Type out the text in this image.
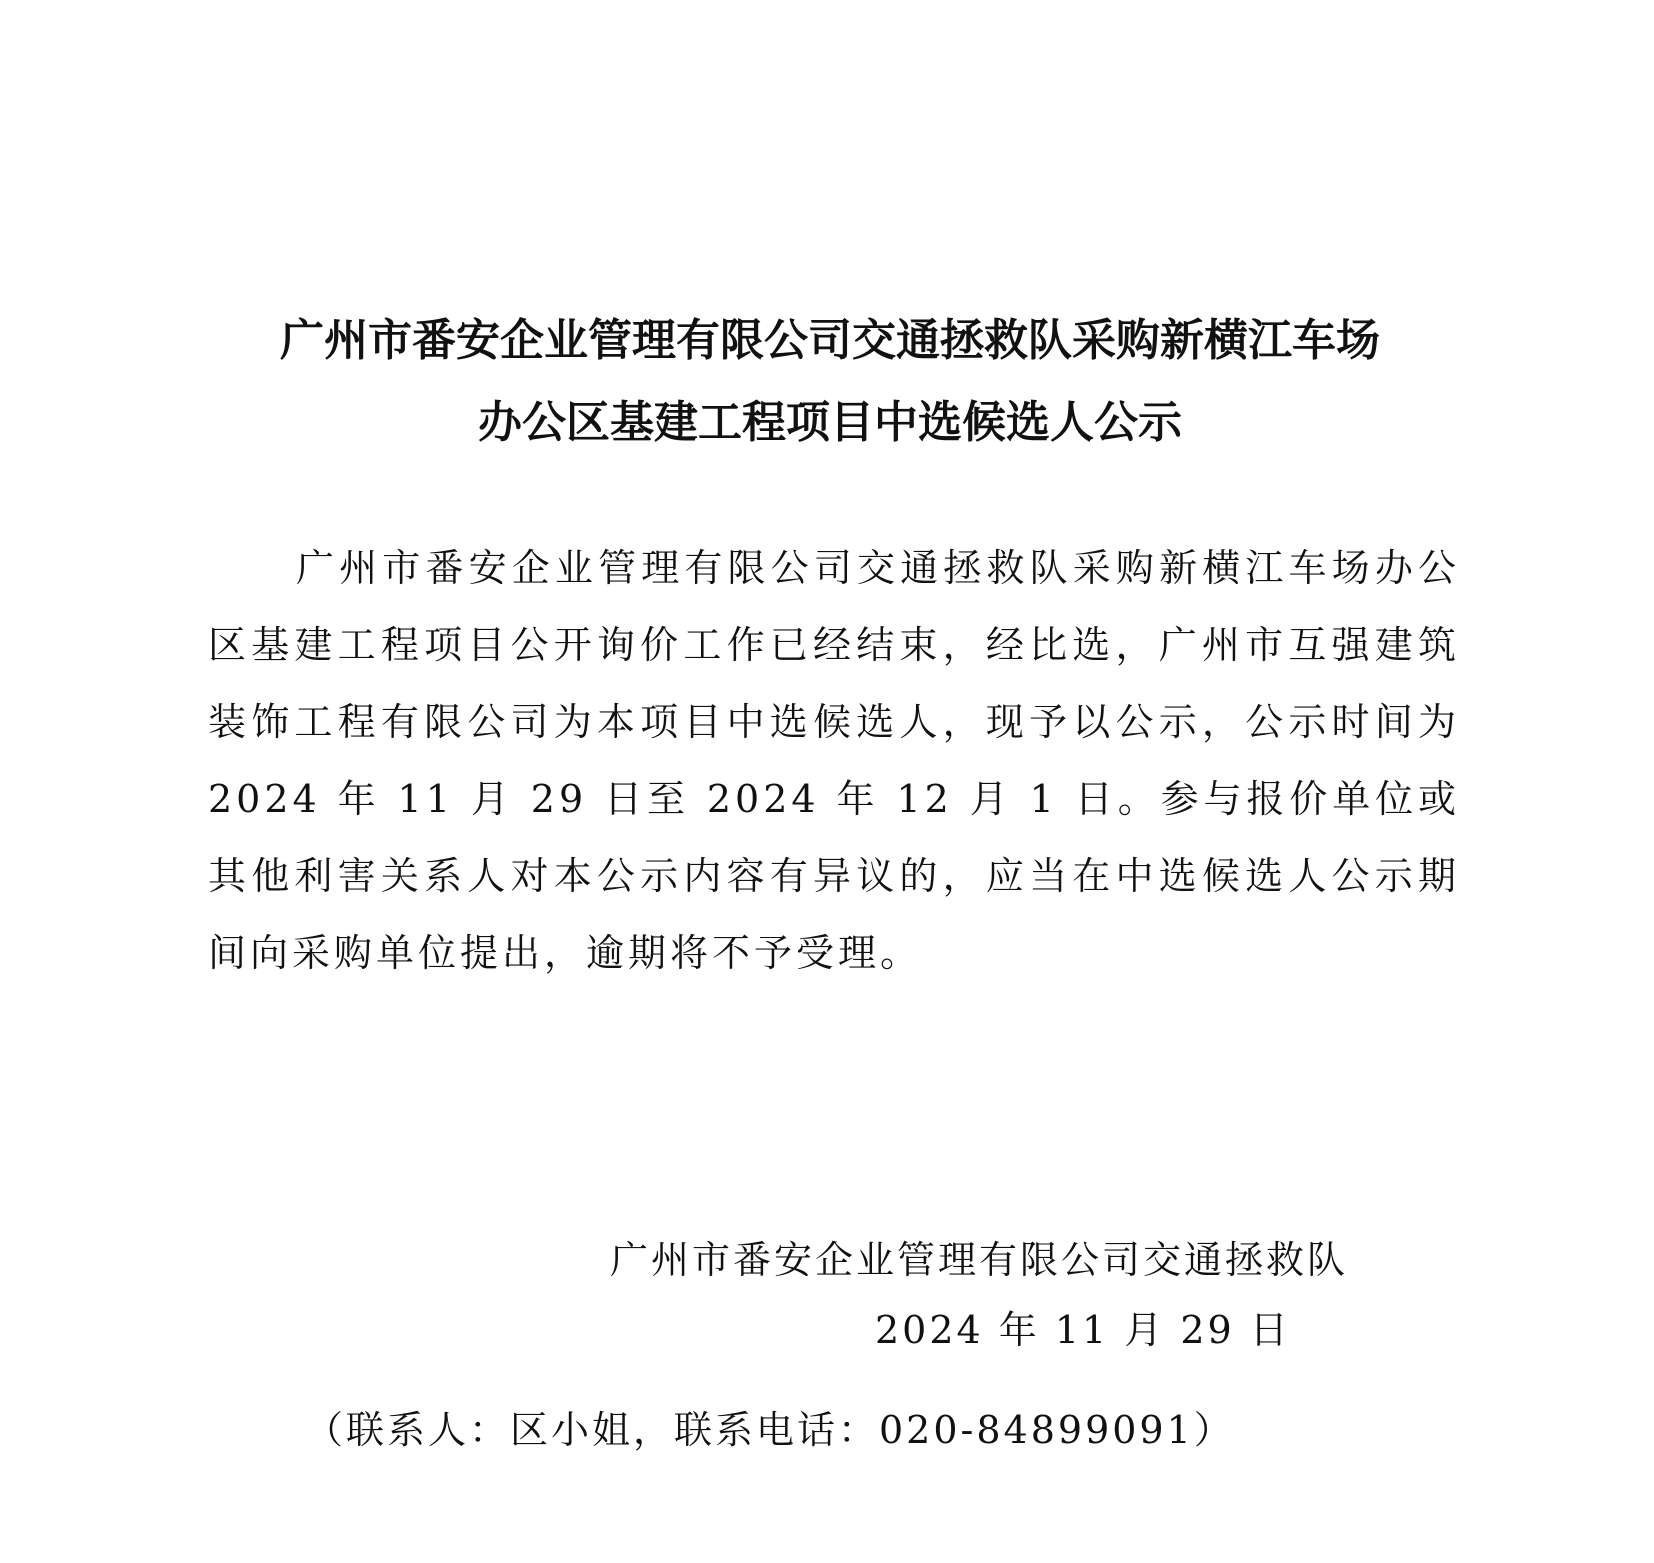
广州市番安企业管理有限公司交通拯救队采购新横江车场
办公区基建工程项目中选候选人公示

广州市番安企业管理有限公司交通拯救队采购新横江车场办公区基建工程项目公开询价工作已经结束，经比选，广州市互强建筑装饰工程有限公司为本项目中选候选人，现予以公示，公示时间为 2024 年 11 月 29 日至 2024 年 12 月 1 日。参与报价单位或其他利害关系人对本公示内容有异议的，应当在中选候选人公示期间向采购单位提出，逾期将不予受理。

广州市番安企业管理有限公司交通拯救队
2024 年 11 月 29 日
（联系人：区小姐，联系电话：020-84899091）
